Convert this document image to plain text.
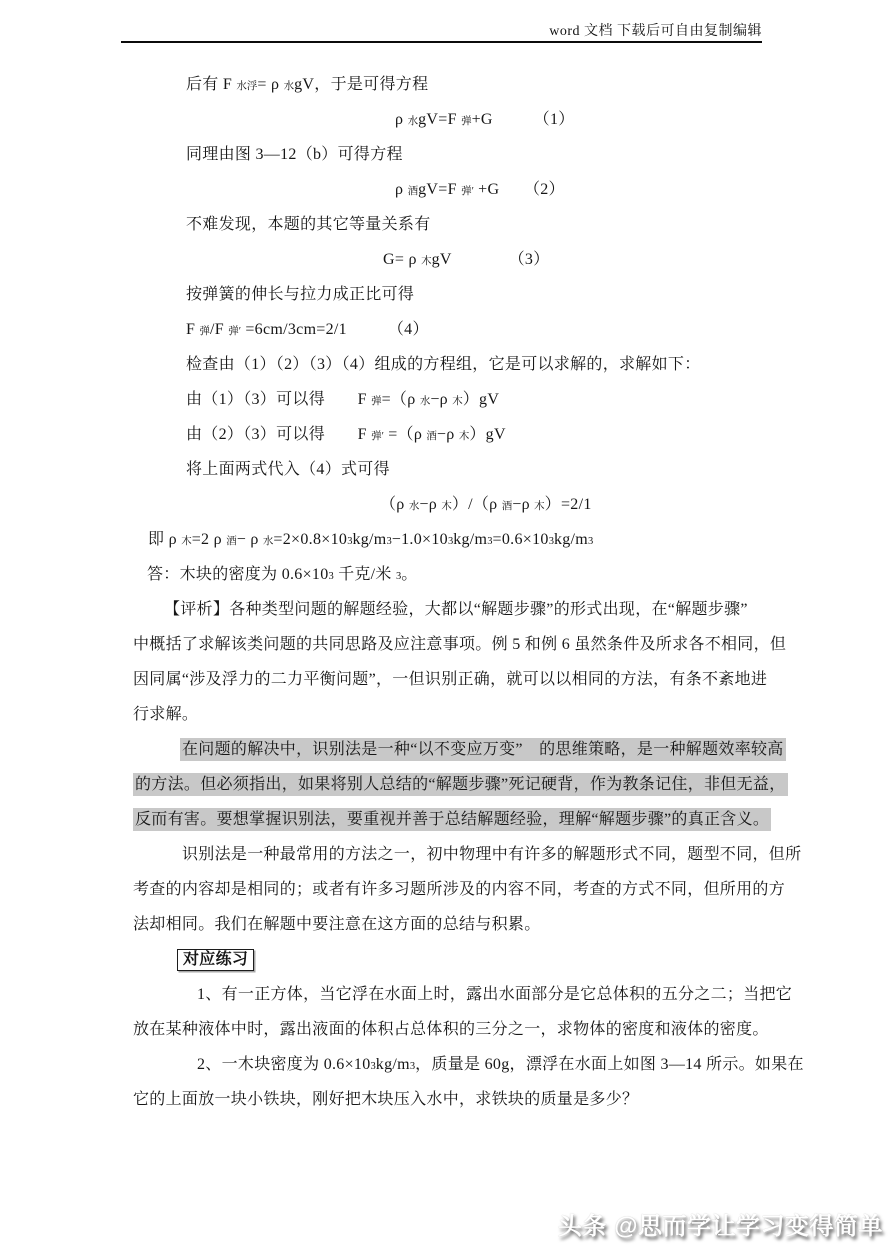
word 文档 下载后可自由复制编辑
后有 F 水浮= ρ 水gV，于是可得方程
ρ 水gV=F 弹+G　　　（1）
同理由图 3—12（b）可得方程
ρ 酒gV=F 弹′ +G　　（2）
不难发现，本题的其它等量关系有
G= ρ 木gV　　　　（3）
按弹簧的伸长与拉力成正比可得
F 弹/F 弹′ =6cm/3cm=2/1　　　（4）
检查由（1）（2）（3）（4）组成的方程组，它是可以求解的，求解如下：
由（1）（3）可以得　　F 弹=（ρ 水−ρ 木）gV
由（2）（3）可以得　　F 弹′ =（ρ 酒−ρ 木）gV
将上面两式代入（4）式可得
（ρ 水−ρ 木）/（ρ 酒−ρ 木）=2/1
即 ρ 木=2 ρ 酒− ρ 水=2×0.8×103kg/m3−1.0×103kg/m3=0.6×103kg/m3
答：木块的密度为 0.6×103 千克/米 3。
【评析】各种类型问题的解题经验，大都以“解题步骤”的形式出现，在“解题步骤”
中概括了求解该类问题的共同思路及应注意事项。例 5 和例 6 虽然条件及所求各不相同，但
因同属“涉及浮力的二力平衡问题”，一但识别正确，就可以以相同的方法，有条不紊地进
行求解。
在问题的解决中，识别法是一种“以不变应万变”　的思维策略，是一种解题效率较高
的方法。但必须指出，如果将别人总结的“解题步骤”死记硬背，作为教条记住，非但无益，
反而有害。要想掌握识别法，要重视并善于总结解题经验，理解“解题步骤”的真正含义。
识别法是一种最常用的方法之一，初中物理中有许多的解题形式不同，题型不同，但所
考查的内容却是相同的；或者有许多习题所涉及的内容不同，考查的方式不同，但所用的方
法却相同。我们在解题中要注意在这方面的总结与积累。
对应练习
1、有一正方体，当它浮在水面上时，露出水面部分是它总体积的五分之二；当把它
放在某种液体中时，露出液面的体积占总体积的三分之一，求物体的密度和液体的密度。
2、一木块密度为 0.6×103kg/m3，质量是 60g，漂浮在水面上如图 3—14 所示。如果在
它的上面放一块小铁块，刚好把木块压入水中，求铁块的质量是多少？
头条 @思而学让学习变得简单
